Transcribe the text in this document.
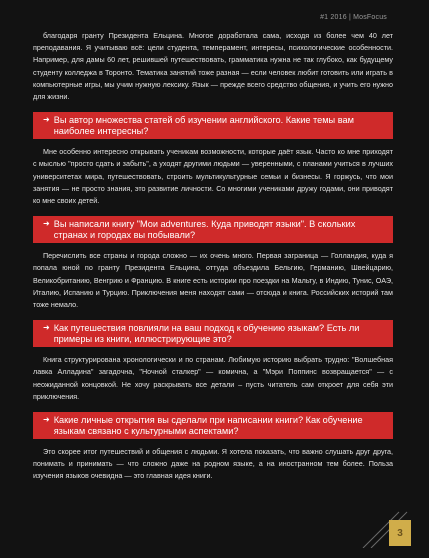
#1 2016 | MosFocus

благодаря гранту Президента Ельцина. Многое доработала сама, исходя из более чем 40 лет преподавания. Я учитываю всё: цели студента, темперамент, интересы, психологические особенности. Например, для дамы 60 лет, решившей путешествовать, грамматика нужна не так глубоко, как будущему студенту колледжа в Торонто. Тематика занятий тоже разная — если человек любит готовить или играть в компьютерные игры, мы учим нужную лексику. Язык — прежде всего средство общения, и учить его нужно для жизни.

➜ Вы автор множества статей об изучении английского. Какие темы вам наиболее интересны?

Мне особенно интересно открывать ученикам возможности, которые даёт язык. Часто ко мне приходят с мыслью "просто сдать и забыть", а уходят другими людьми — уверенными, с планами учиться в лучших университетах мира, путешествовать, строить мультикультурные семьи и бизнесы. Я горжусь, что мои занятия — не просто знания, это развитие личности. Со многими учениками дружу годами, они приводят ко мне своих детей.

➜ Вы написали книгу "Мои adventures. Куда приводят языки". В скольких странах и городах вы побывали?

Перечислить все страны и города сложно — их очень много. Первая заграница — Голландия, куда я попала юной по гранту Президента Ельцина, оттуда объездила Бельгию, Германию, Швейцарию, Великобританию, Венгрию и Францию. В книге есть истории про поездки на Мальту, в Индию, Тунис, ОАЭ, Италию, Испанию и Турцию. Приключения меня находят сами — отсюда и книга. Российских историй там тоже немало.

➜ Как путешествия повлияли на ваш подход к обучению языкам? Есть ли примеры из книги, иллюстрирующие это?

Книга структурирована хронологически и по странам. Любимую историю выбрать трудно: "Волшебная лавка Алладина" загадочна, "Ночной сталкер" — комична, а "Мэри Поппинс возвращается" — с неожиданной концовкой. Не хочу раскрывать все детали – пусть читатель сам откроет для себя эти приключения.

➜ Какие личные открытия вы сделали при написании книги? Как обучение языкам связано с культурными аспектами?

Это скорее итог путешествий и общения с людьми. Я хотела показать, что важно слушать друг друга, понимать и принимать — что сложно даже на родном языке, а на иностранном тем более. Польза изучения языков очевидна — это главная идея книги.

3
